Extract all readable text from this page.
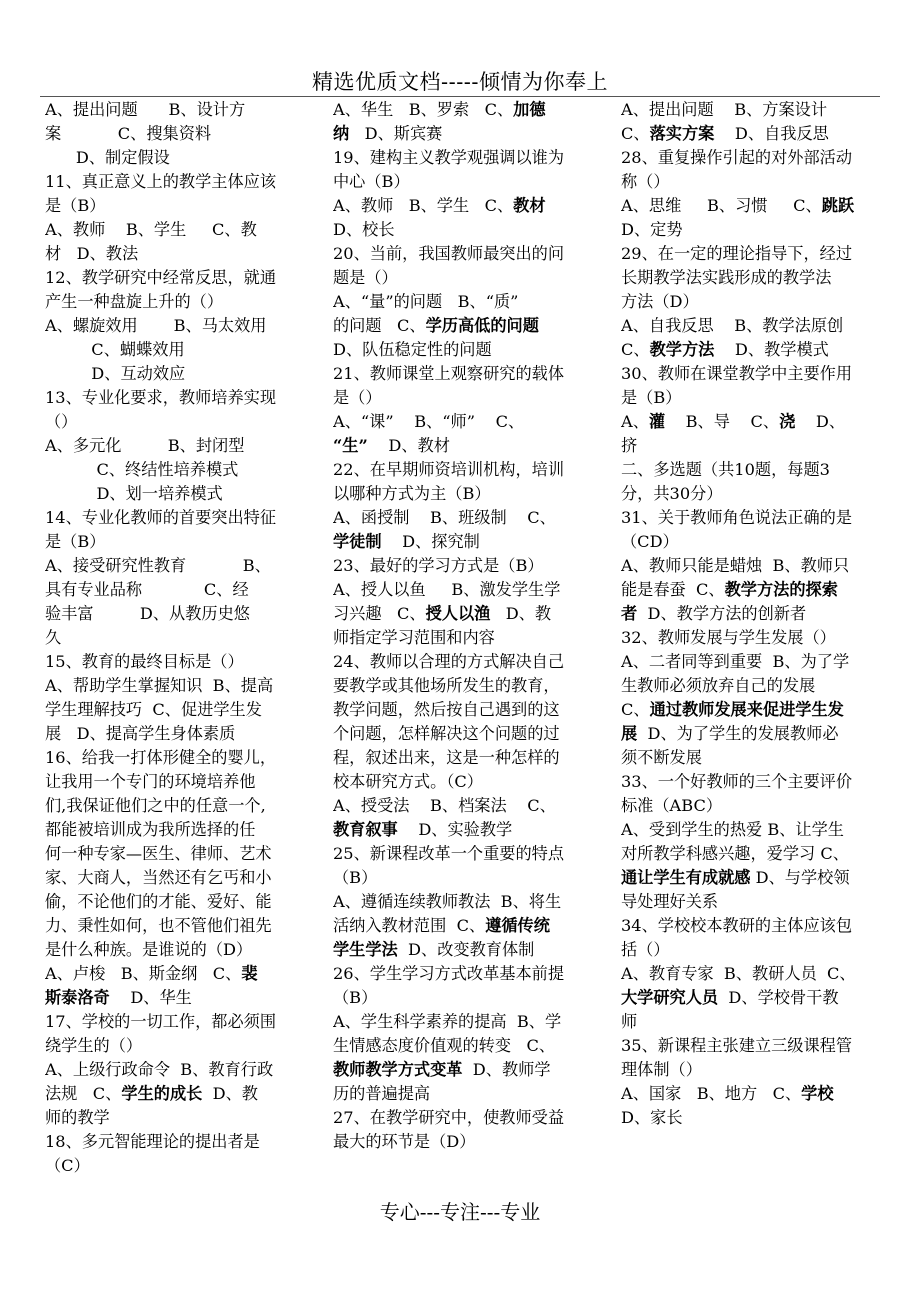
精选优质文档-----倾情为你奉上
A、提出问题      B、设计方
案           C、搜集资料
D、制定假设
11、真正意义上的教学主体应该
是（B）
A、教师    B、学生     C、教
材   D、教法
12、教学研究中经常反思，就通
产生一种盘旋上升的（）
A、螺旋效用       B、马太效用
C、蝴蝶效用
D、互动效应
13、专业化要求，教师培养实现
（）
A、多元化         B、封闭型
C、终结性培养模式
D、划一培养模式
14、专业化教师的首要突出特征
是（B）
A、接受研究性教育           B、
具有专业品称            C、经
验丰富         D、从教历史悠
久
15、教育的最终目标是（）
A、帮助学生掌握知识  B、提高
学生理解技巧  C、促进学生发
展   D、提高学生身体素质
16、给我一打体形健全的婴儿，
让我用一个专门的环境培养他
们,我保证他们之中的任意一个,
都能被培训成为我所选择的任
何一种专家—医生、律师、艺术
家、大商人，当然还有乞丐和小
偷，不论他们的才能、爱好、能
力、秉性如何，也不管他们祖先
是什么种族。是谁说的（D）
A、卢梭   B、斯金纲   C、裴
斯泰洛奇    D、华生
17、学校的一切工作，都必须围
绕学生的（）
A、上级行政命令  B、教育行政
法规   C、学生的成长  D、教
师的教学
18、多元智能理论的提出者是
（C）
A、华生   B、罗索   C、加德
纳   D、斯宾赛
19、建构主义教学观强调以谁为
中心（B）
A、教师   B、学生   C、教材
D、校长
20、当前，我国教师最突出的问
题是（）
A、“量”的问题   B、“质”
的问题   C、学历高低的问题
D、队伍稳定性的问题
21、教师课堂上观察研究的载体
是（）
A、“课”    B、“师”    C、
“生”    D、教材
22、在早期师资培训机构，培训
以哪种方式为主（B）
A、函授制    B、班级制    C、
学徒制    D、探究制
23、最好的学习方式是（B）
A、授人以鱼     B、激发学生学
习兴趣   C、授人以渔   D、教
师指定学习范围和内容
24、教师以合理的方式解决自己
要教学或其他场所发生的教育，
教学问题，然后按自己遇到的这
个问题，怎样解决这个问题的过
程，叙述出来，这是一种怎样的
校本研究方式。（C）
A、授受法    B、档案法    C、
教育叙事    D、实验教学
25、新课程改革一个重要的特点
（B）
A、遵循连续教师教法  B、将生
活纳入教材范围  C、遵循传统
学生学法  D、改变教育体制
26、学生学习方式改革基本前提
（B）
A、学生科学素养的提高  B、学
生情感态度价值观的转变   C、
教师教学方式变革  D、教师学
历的普遍提高
27、在教学研究中，使教师受益
最大的环节是（D）
A、提出问题    B、方案设计
C、落实方案    D、自我反思
28、重复操作引起的对外部活动
称（）
A、思维     B、习惯     C、跳跃
D、定势
29、在一定的理论指导下，经过
长期教学法实践形成的教学法
方法（D）
A、自我反思    B、教学法原创
C、教学方法    D、教学模式
30、教师在课堂教学中主要作用
是（B）
A、灌    B、导    C、浇    D、
挤
二、多选题（共10题，每题3
分，共30分）
31、关于教师角色说法正确的是
（CD）
A、教师只能是蜡烛  B、教师只
能是春蚕  C、教学方法的探索
者  D、教学方法的创新者
32、教师发展与学生发展（）
A、二者同等到重要  B、为了学
生教师必须放弃自己的发展
C、通过教师发展来促进学生发
展  D、为了学生的发展教师必
须不断发展
33、一个好教师的三个主要评价
标准（ABC）
A、受到学生的热爱 B、让学生
对所教学科感兴趣，爱学习 C、
通让学生有成就感 D、与学校领
导处理好关系
34、学校校本教研的主体应该包
括（）
A、教育专家  B、教研人员  C、
大学研究人员  D、学校骨干教
师
35、新课程主张建立三级课程管
理体制（）
A、国家   B、地方   C、学校
D、家长
专心---专注---专业
